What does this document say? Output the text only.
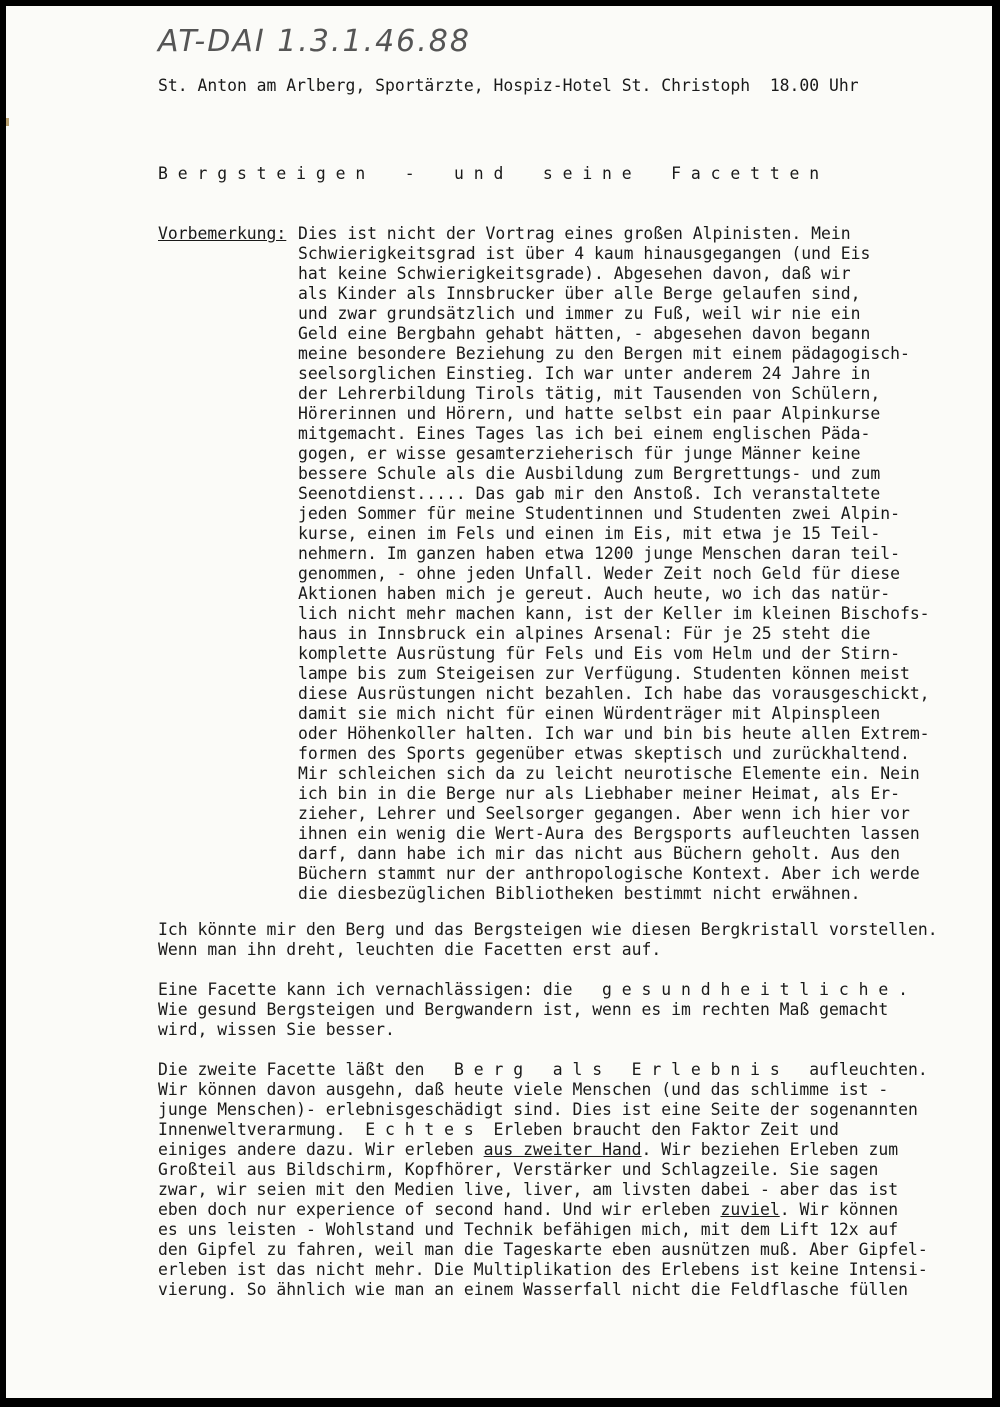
AT-DAI 1.3.1.46.88
St. Anton am Arlberg, Sportärzte, Hospiz-Hotel St. Christoph  18.00 Uhr
B e r g s t e i g e n    -    u n d    s e i n e    F a c e t t e n
Vorbemerkung: Dies ist nicht der Vortrag eines großen Alpinisten. Mein
Schwierigkeitsgrad ist über 4 kaum hinausgegangen (und Eis
hat keine Schwierigkeitsgrade). Abgesehen davon, daß wir
als Kinder als Innsbrucker über alle Berge gelaufen sind,
und zwar grundsätzlich und immer zu Fuß, weil wir nie ein
Geld eine Bergbahn gehabt hätten, - abgesehen davon begann
meine besondere Beziehung zu den Bergen mit einem pädagogisch-
seelsorglichen Einstieg. Ich war unter anderem 24 Jahre in
der Lehrerbildung Tirols tätig, mit Tausenden von Schülern,
Hörerinnen und Hörern, und hatte selbst ein paar Alpinkurse
mitgemacht. Eines Tages las ich bei einem englischen Päda-
gogen, er wisse gesamterzieherisch für junge Männer keine
bessere Schule als die Ausbildung zum Bergrettungs- und zum
Seenotdienst..... Das gab mir den Anstoß. Ich veranstaltete
jeden Sommer für meine Studentinnen und Studenten zwei Alpin-
kurse, einen im Fels und einen im Eis, mit etwa je 15 Teil-
nehmern. Im ganzen haben etwa 1200 junge Menschen daran teil-
genommen, - ohne jeden Unfall. Weder Zeit noch Geld für diese
Aktionen haben mich je gereut. Auch heute, wo ich das natür-
lich nicht mehr machen kann, ist der Keller im kleinen Bischofs-
haus in Innsbruck ein alpines Arsenal: Für je 25 steht die
komplette Ausrüstung für Fels und Eis vom Helm und der Stirn-
lampe bis zum Steigeisen zur Verfügung. Studenten können meist
diese Ausrüstungen nicht bezahlen. Ich habe das vorausgeschickt,
damit sie mich nicht für einen Würdenträger mit Alpinspleen
oder Höhenkoller halten. Ich war und bin bis heute allen Extrem-
formen des Sports gegenüber etwas skeptisch und zurückhaltend.
Mir schleichen sich da zu leicht neurotische Elemente ein. Nein
ich bin in die Berge nur als Liebhaber meiner Heimat, als Er-
zieher, Lehrer und Seelsorger gegangen. Aber wenn ich hier vor
ihnen ein wenig die Wert-Aura des Bergsports aufleuchten lassen
darf, dann habe ich mir das nicht aus Büchern geholt. Aus den
Büchern stammt nur der anthropologische Kontext. Aber ich werde
die diesbezüglichen Bibliotheken bestimmt nicht erwähnen.
Ich könnte mir den Berg und das Bergsteigen wie diesen Bergkristall vorstellen.
Wenn man ihn dreht, leuchten die Facetten erst auf.
Eine Facette kann ich vernachlässigen: die   g e s u n d h e i t l i c h e .
Wie gesund Bergsteigen und Bergwandern ist, wenn es im rechten Maß gemacht
wird, wissen Sie besser.
Die zweite Facette läßt den   B e r g   a l s   E r l e b n i s   aufleuchten.
Wir können davon ausgehn, daß heute viele Menschen (und das schlimme ist -
junge Menschen)- erlebnisgeschädigt sind. Dies ist eine Seite der sogenannten
Innenweltverarmung.  E c h t e s  Erleben braucht den Faktor Zeit und
einiges andere dazu. Wir erleben aus zweiter Hand. Wir beziehen Erleben zum
Großteil aus Bildschirm, Kopfhörer, Verstärker und Schlagzeile. Sie sagen
zwar, wir seien mit den Medien live, liver, am livsten dabei - aber das ist
eben doch nur experience of second hand. Und wir erleben zuviel. Wir können
es uns leisten - Wohlstand und Technik befähigen mich, mit dem Lift 12x auf
den Gipfel zu fahren, weil man die Tageskarte eben ausnützen muß. Aber Gipfel-
erleben ist das nicht mehr. Die Multiplikation des Erlebens ist keine Intensi-
vierung. So ähnlich wie man an einem Wasserfall nicht die Feldflasche füllen
